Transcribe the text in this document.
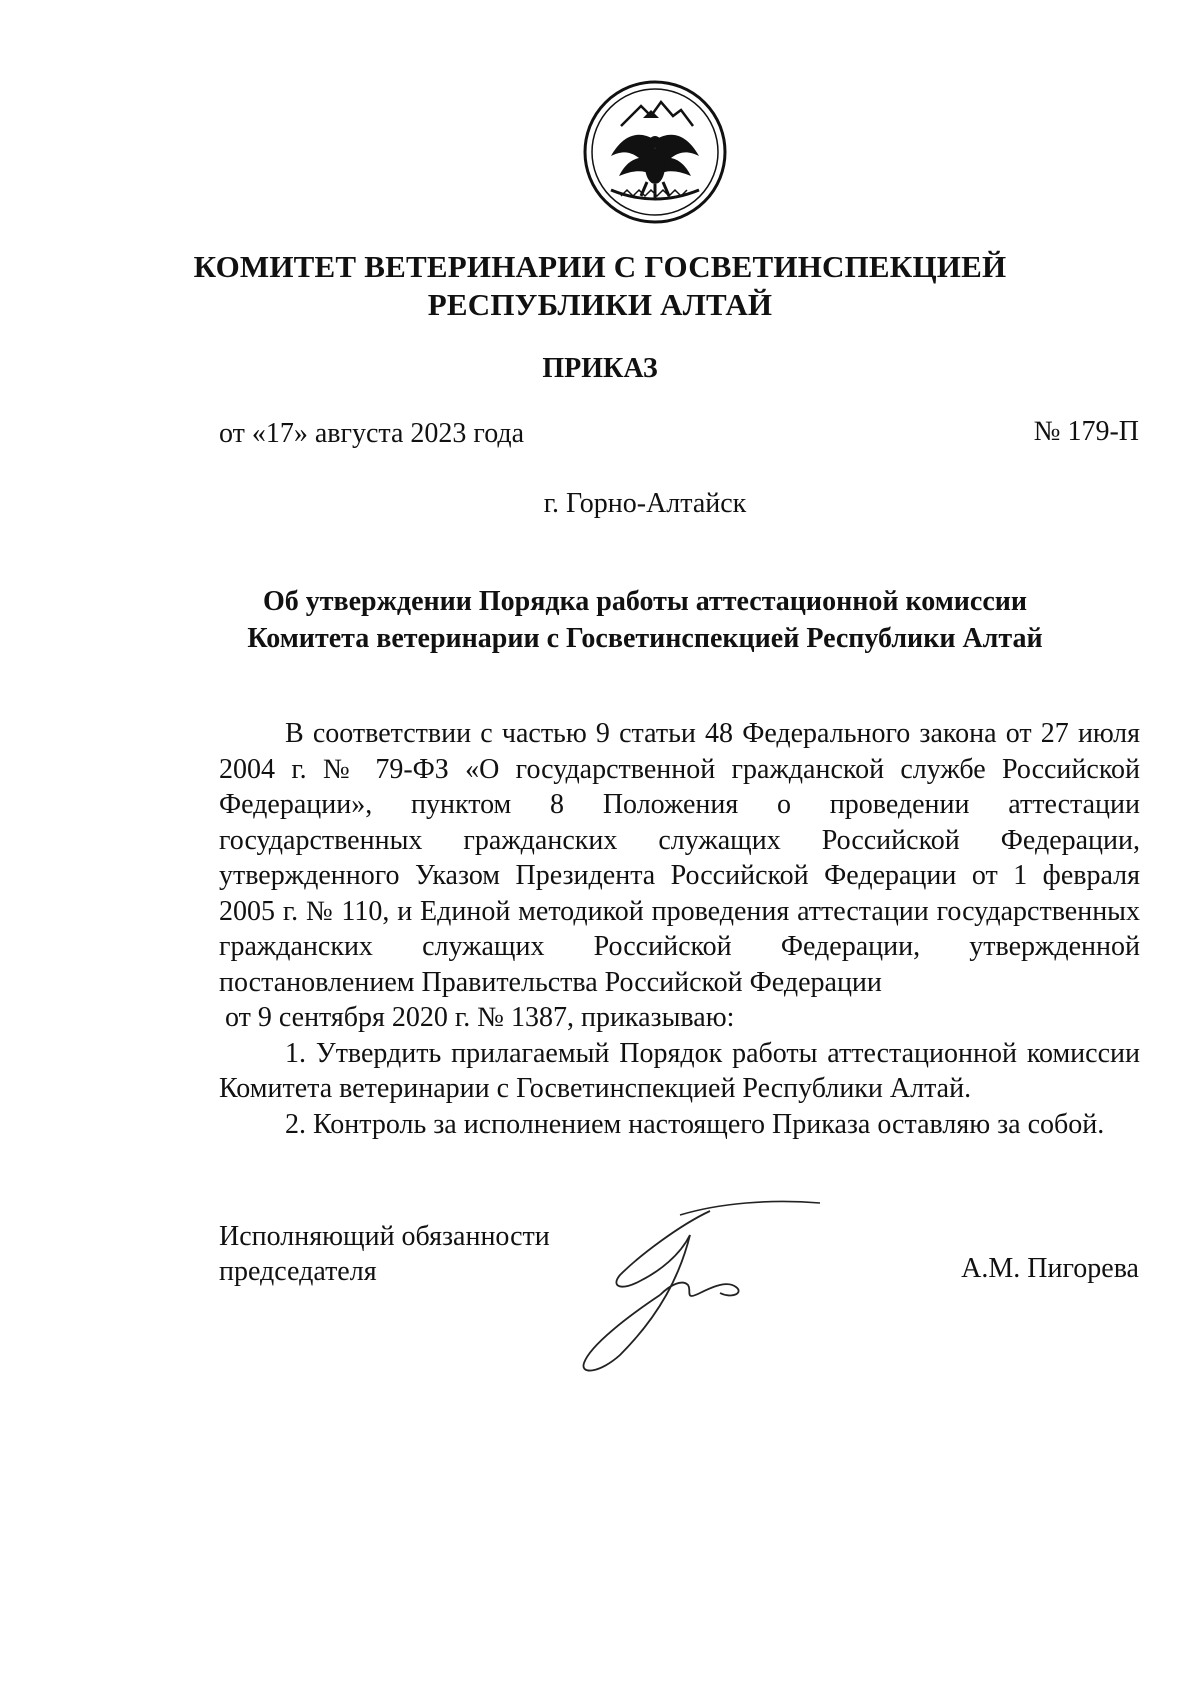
КОМИТЕТ ВЕТЕРИНАРИИ С ГОСВЕТИНСПЕКЦИЕЙ
РЕСПУБЛИКИ АЛТАЙ
ПРИКАЗ
от «17» августа 2023 года	№ 179-П
г. Горно-Алтайск
Об утверждении Порядка работы аттестационной комиссии
Комитета ветеринарии с Госветинспекцией Республики Алтай

В соответствии с частью 9 статьи 48 Федерального закона от 27 июля 2004 г. № 79-ФЗ «О государственной гражданской службе Российской Федерации», пунктом 8 Положения о проведении аттестации государственных гражданских служащих Российской Федерации, утвержденного Указом Президента Российской Федерации от 1 февраля 2005 г. № 110, и Единой методикой проведения аттестации государственных гражданских служащих Российской Федерации, утвержденной постановлением Правительства Российской Федерации

от 9 сентября 2020 г. № 1387, приказываю:

1. Утвердить прилагаемый Порядок работы аттестационной комиссии Комитета ветеринарии с Госветинспекцией Республики Алтай.

2. Контроль за исполнением настоящего Приказа оставляю за собой.

Исполняющий обязанности
председателя	А.М. Пигорева
